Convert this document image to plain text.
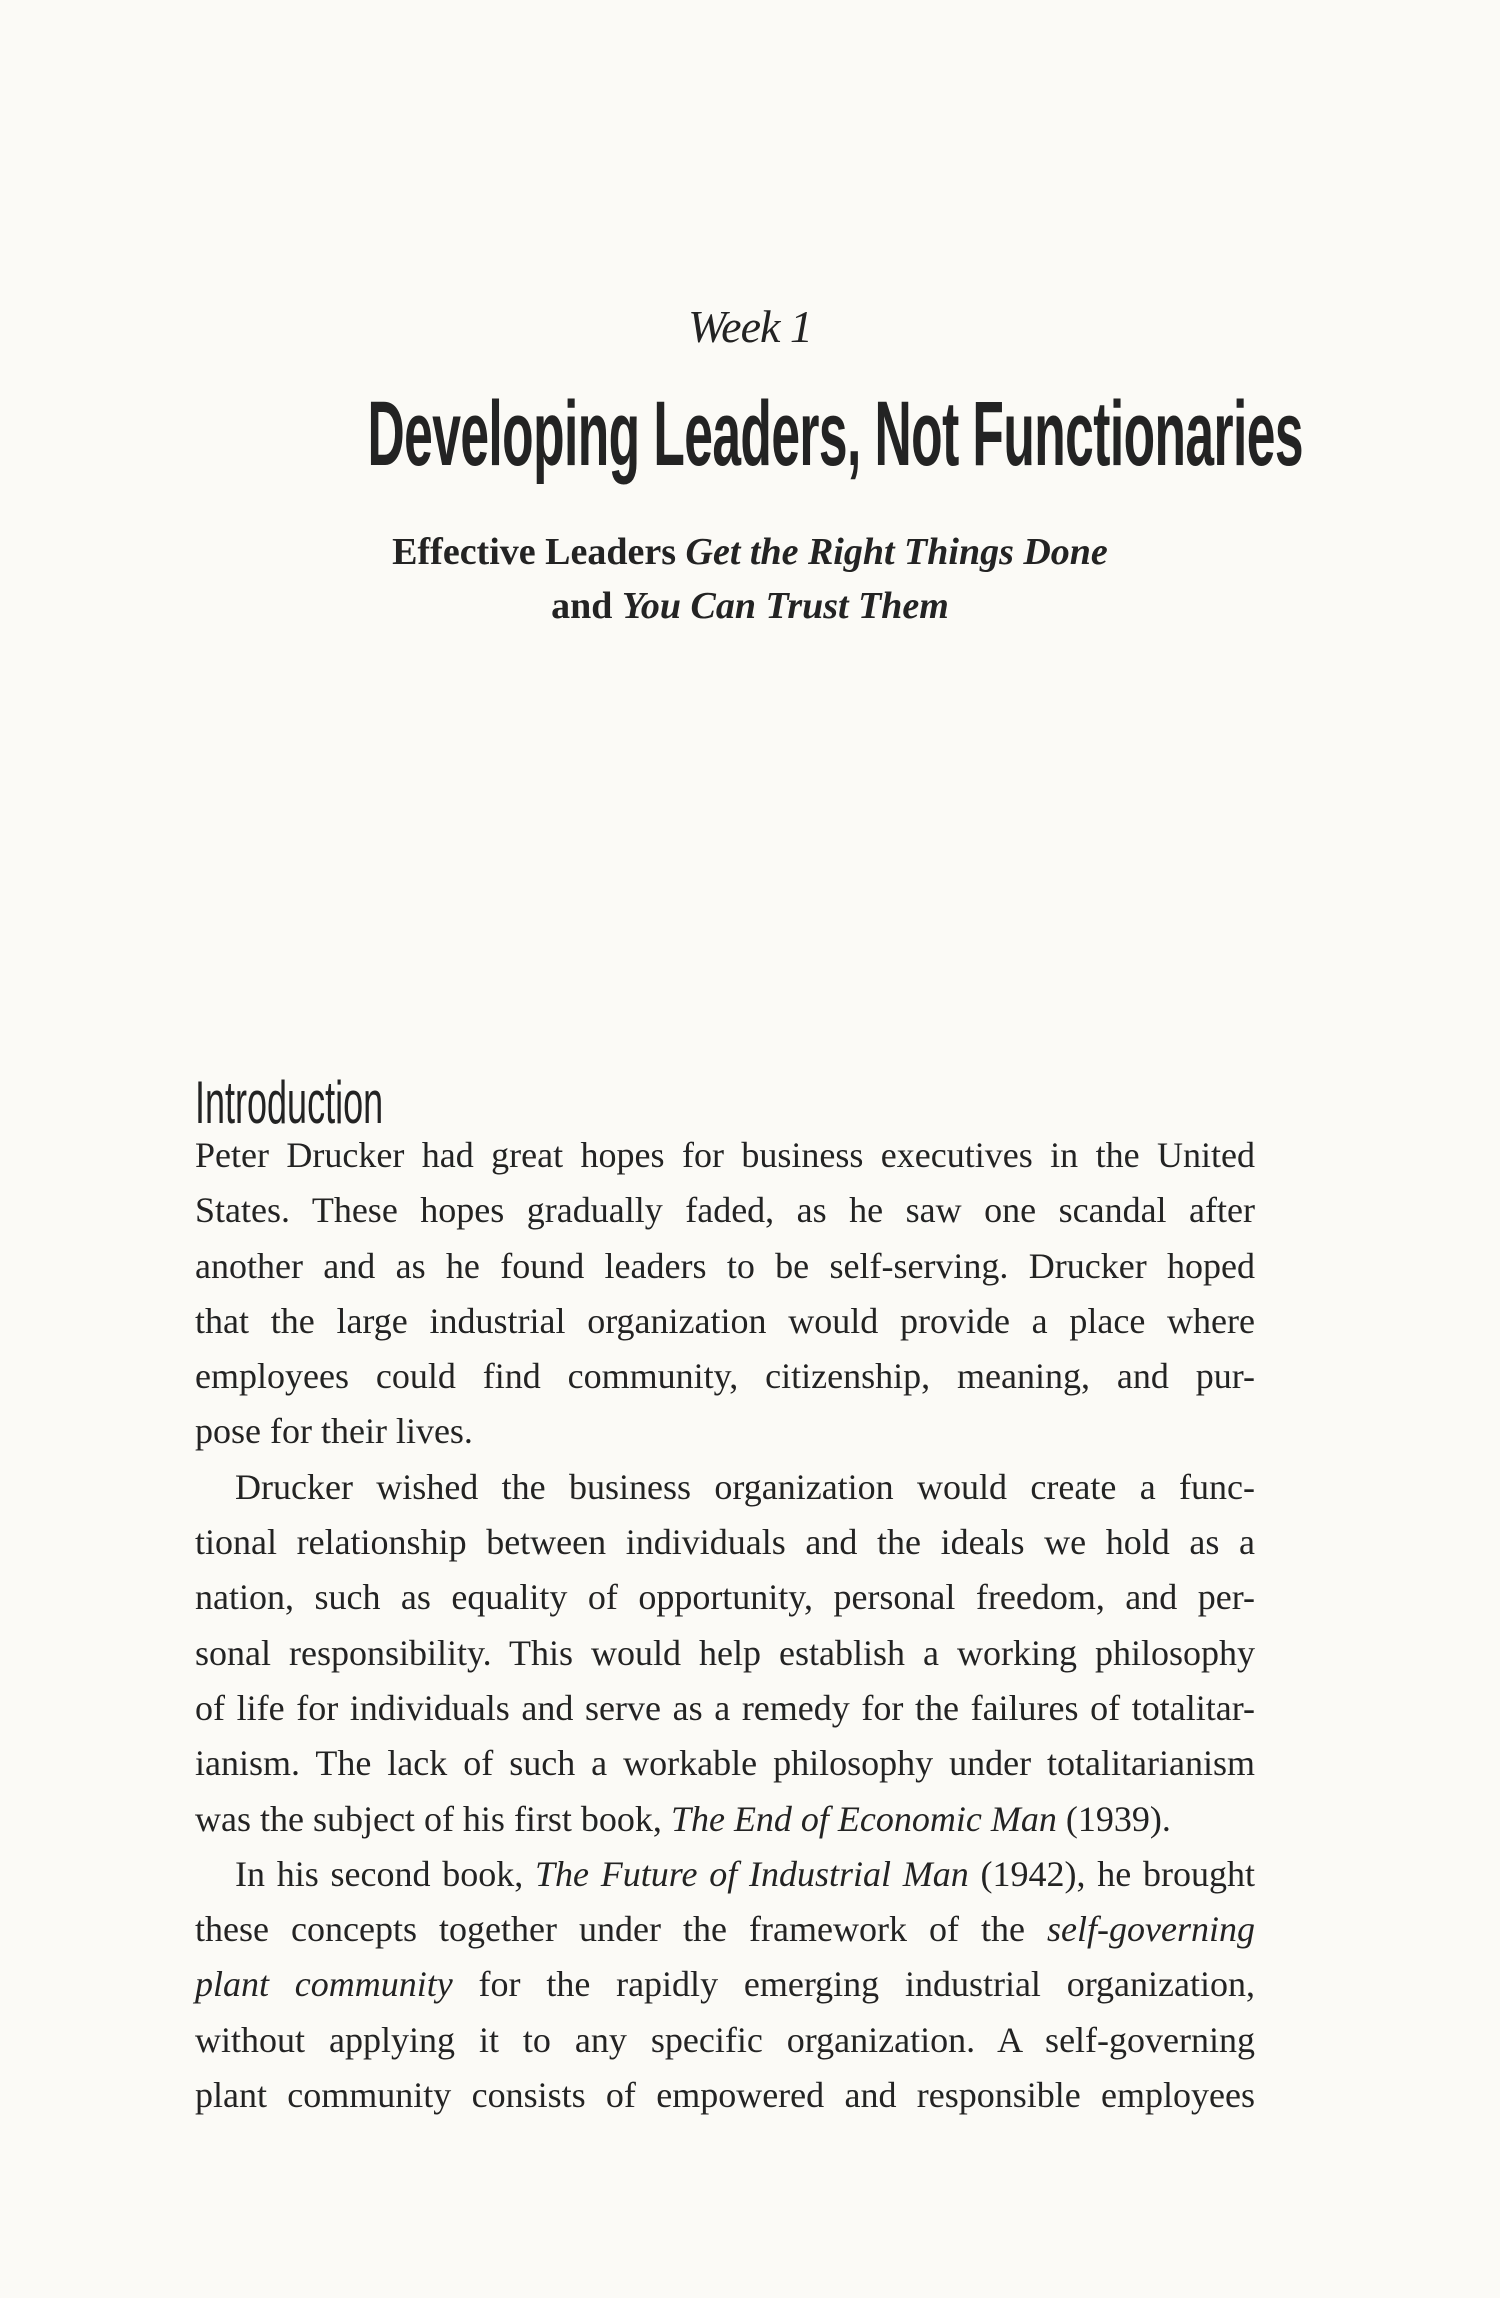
Week 1
Developing Leaders, Not Functionaries
Effective Leaders Get the Right Things Done
and You Can Trust Them
Introduction
Peter Drucker had great hopes for business executives in the United
States. These hopes gradually faded, as he saw one scandal after
another and as he found leaders to be self-serving. Drucker hoped
that the large industrial organization would provide a place where
employees could find community, citizenship, meaning, and pur-
pose for their lives.
Drucker wished the business organization would create a func-
tional relationship between individuals and the ideals we hold as a
nation, such as equality of opportunity, personal freedom, and per-
sonal responsibility. This would help establish a working philosophy
of life for individuals and serve as a remedy for the failures of totalitar-
ianism. The lack of such a workable philosophy under totalitarianism
was the subject of his first book, The End of Economic Man (1939).
In his second book, The Future of Industrial Man (1942), he brought
these concepts together under the framework of the self-governing
plant community for the rapidly emerging industrial organization,
without applying it to any specific organization. A self-governing
plant community consists of empowered and responsible employees
